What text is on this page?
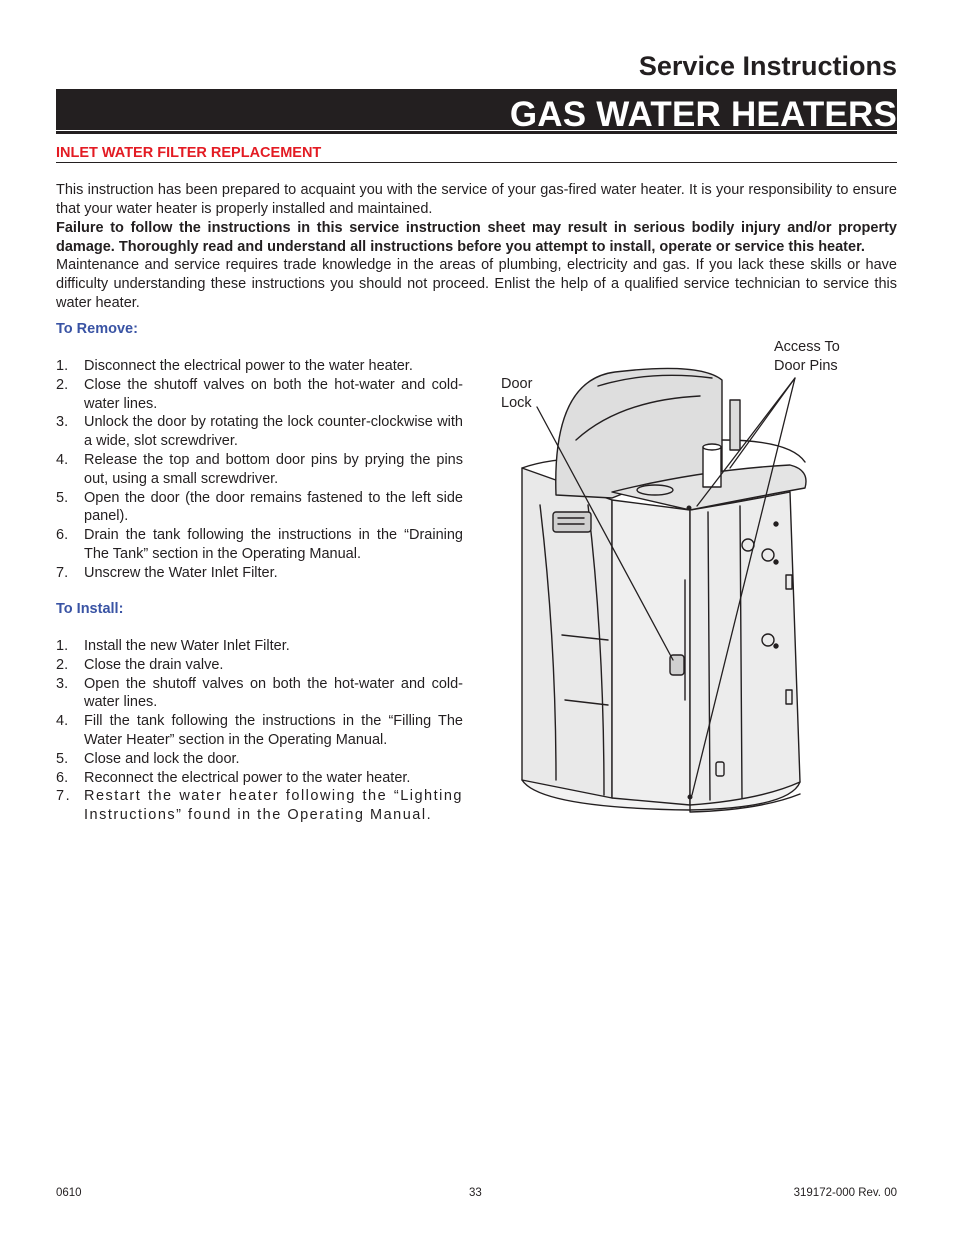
Service Instructions
GAS WATER HEATERS
INLET WATER FILTER REPLACEMENT

This instruction has been prepared to acquaint you with the service of your gas-fired water heater. It is your responsibility to ensure that your water heater is properly installed and maintained.

Failure to follow the instructions in this service instruction sheet may result in serious bodily injury and/or property damage. Thoroughly read and understand all instructions before you attempt to install, operate or service this heater.

Maintenance and service requires trade knowledge in the areas of plumbing, electricity and gas. If you lack these skills or have difficulty understanding these instructions you should not proceed. Enlist the help of a qualified service technician to service this water heater.

To Remove:
1. Disconnect the electrical power to the water heater.
2. Close the shutoff valves on both the hot-water and cold-water lines.
3. Unlock the door by rotating the lock counter-clockwise with a wide, slot screwdriver.
4. Release the top and bottom door pins by prying the pins out, using a small screwdriver.
5. Open the door (the door remains fastened to the left side panel).
6. Drain the tank following the instructions in the “Draining The Tank” section in the Operating Manual.
7. Unscrew the Water Inlet Filter.
To Install:
1. Install the new Water Inlet Filter.
2. Close the drain valve.
3. Open the shutoff valves on both the hot-water and cold-water lines.
4. Fill the tank following the instructions in the “Filling The Water Heater” section in the Operating Manual.
5. Close and lock the door.
6. Reconnect the electrical power to the water heater.
7. Restart the water heater following the “Lighting Instructions” found in the Operating Manual.
Door
Lock
Access To
Door Pins
0610	33	319172-000 Rev. 00
